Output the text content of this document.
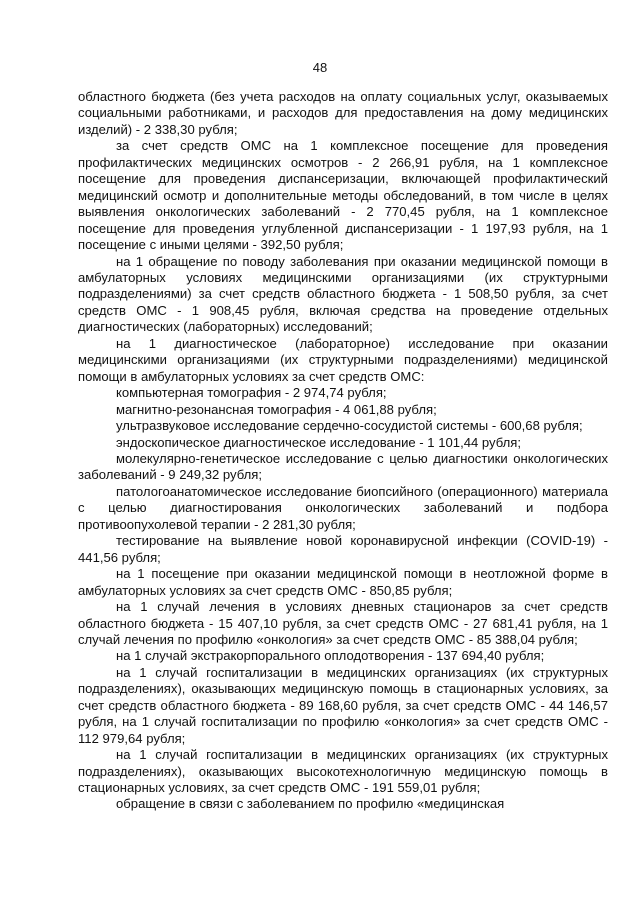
48

областного бюджета (без учета расходов на оплату социальных услуг, оказываемых социальными работниками, и расходов для предоставления на дому медицинских изделий) - 2 338,30 рубля;

за счет средств ОМС на 1 комплексное посещение для проведения профилактических медицинских осмотров - 2 266,91 рубля, на 1 комплексное посещение для проведения диспансеризации, включающей профилактический медицинский осмотр и дополнительные методы обследований, в том числе в целях выявления онкологических заболеваний - 2 770,45 рубля, на 1 комплексное посещение для проведения углубленной диспансеризации - 1 197,93 рубля, на 1 посещение с иными целями - 392,50 рубля;

на 1 обращение по поводу заболевания при оказании медицинской помощи в амбулаторных условиях медицинскими организациями (их структурными подразделениями) за счет средств областного бюджета - 1 508,50 рубля, за счет средств ОМС - 1 908,45 рубля, включая средства на проведение отдельных диагностических (лабораторных) исследований;

на 1 диагностическое (лабораторное) исследование при оказании медицинскими организациями (их структурными подразделениями) медицинской помощи в амбулаторных условиях за счет средств ОМС:

компьютерная томография - 2 974,74 рубля;

магнитно-резонансная томография - 4 061,88 рубля;

ультразвуковое исследование сердечно-сосудистой системы - 600,68 рубля;

эндоскопическое диагностическое исследование - 1 101,44 рубля;

молекулярно-генетическое исследование с целью диагностики онкологических заболеваний - 9 249,32 рубля;

патологоанатомическое исследование биопсийного (операционного) материала с целью диагностирования онкологических заболеваний и подбора противоопухолевой терапии - 2 281,30 рубля;

тестирование на выявление новой коронавирусной инфекции (COVID-19) - 441,56 рубля;

на 1 посещение при оказании медицинской помощи в неотложной форме в амбулаторных условиях за счет средств ОМС - 850,85 рубля;

на 1 случай лечения в условиях дневных стационаров за счет средств областного бюджета - 15 407,10 рубля, за счет средств ОМС - 27 681,41 рубля, на 1 случай лечения по профилю «онкология» за счет средств ОМС - 85 388,04 рубля;

на 1 случай экстракорпорального оплодотворения - 137 694,40 рубля;

на 1 случай госпитализации в медицинских организациях (их структурных подразделениях), оказывающих медицинскую помощь в стационарных условиях, за счет средств областного бюджета - 89 168,60 рубля, за счет средств ОМС - 44 146,57 рубля, на 1 случай госпитализации по профилю «онкология» за счет средств ОМС - 112 979,64 рубля;

на 1 случай госпитализации в медицинских организациях (их структурных подразделениях), оказывающих высокотехнологичную медицинскую помощь в стационарных условиях, за счет средств ОМС - 191 559,01 рубля;

обращение в связи с заболеванием по профилю «медицинская
